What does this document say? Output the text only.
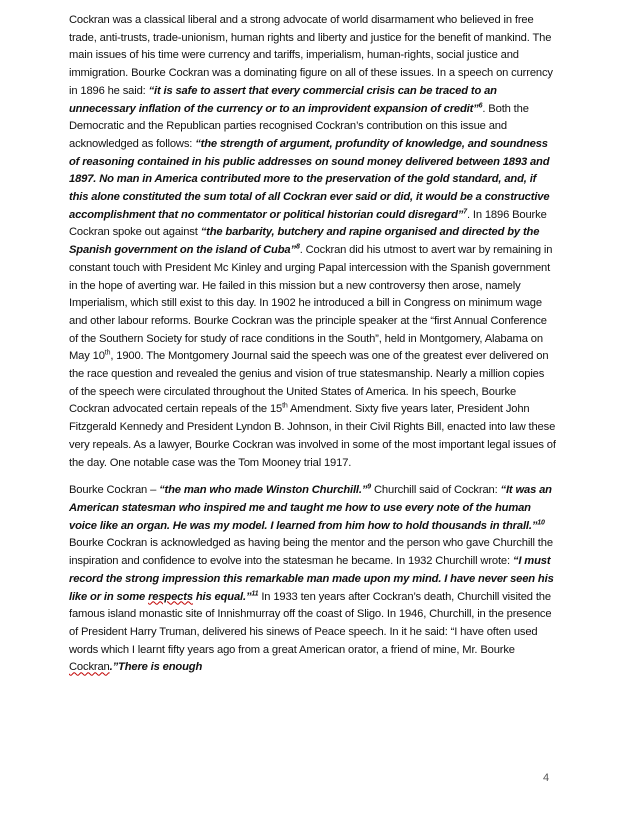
Cockran was a classical liberal and a strong advocate of world disarmament who believed in free trade, anti-trusts, trade-unionism, human rights and liberty and justice for the benefit of mankind. The main issues of his time were currency and tariffs, imperialism, human-rights, social justice and immigration. Bourke Cockran was a dominating figure on all of these issues. In a speech on currency in 1896 he said: “it is safe to assert that every commercial crisis can be traced to an unnecessary inflation of the currency or to an improvident expansion of credit”$^6$. Both the Democratic and the Republican parties recognised Cockran’s contribution on this issue and acknowledged as follows: “the strength of argument, profundity of knowledge, and soundness of reasoning contained in his public addresses on sound money delivered between 1893 and 1897. No man in America contributed more to the preservation of the gold standard, and, if this alone constituted the sum total of all Cockran ever said or did, it would be a constructive accomplishment that no commentator or political historian could disregard”$^7$. In 1896 Bourke Cockran spoke out against “the barbarity, butchery and rapine organised and directed by the Spanish government on the island of Cuba”$^8$. Cockran did his utmost to avert war by remaining in constant touch with President Mc Kinley and urging Papal intercession with the Spanish government in the hope of averting war. He failed in this mission but a new controversy then arose, namely Imperialism, which still exist to this day. In 1902 he introduced a bill in Congress on minimum wage and other labour reforms. Bourke Cockran was the principle speaker at the “first Annual Conference of the Southern Society for study of race conditions in the South”, held in Montgomery, Alabama on May 10th, 1900. The Montgomery Journal said the speech was one of the greatest ever delivered on the race question and revealed the genius and vision of true statesmanship. Nearly a million copies of the speech were circulated throughout the United States of America. In his speech, Bourke Cockran advocated certain repeals of the 15th Amendment. Sixty five years later, President John Fitzgerald Kennedy and President Lyndon B. Johnson, in their Civil Rights Bill, enacted into law these very repeals. As a lawyer, Bourke Cockran was involved in some of the most important legal issues of the day. One notable case was the Tom Mooney trial 1917.

Bourke Cockran – “the man who made Winston Churchill.”$^9$ Churchill said of Cockran: “It was an American statesman who inspired me and taught me how to use every note of the human voice like an organ. He was my model. I learned from him how to hold thousands in thrall.”$^{10}$ Bourke Cockran is acknowledged as having being the mentor and the person who gave Churchill the inspiration and confidence to evolve into the statesman he became. In 1932 Churchill wrote: “I must record the strong impression this remarkable man made upon my mind. I have never seen his like or in some respects his equal.”$^{11}$ In 1933 ten years after Cockran’s death, Churchill visited the famous island monastic site of Innishmurray off the coast of Sligo. In 1946, Churchill, in the presence of President Harry Truman, delivered his sinews of Peace speech. In it he said: “I have often used words which I learnt fifty years ago from a great American orator, a friend of mine, Mr. Bourke Cockran.”There is enough

4
